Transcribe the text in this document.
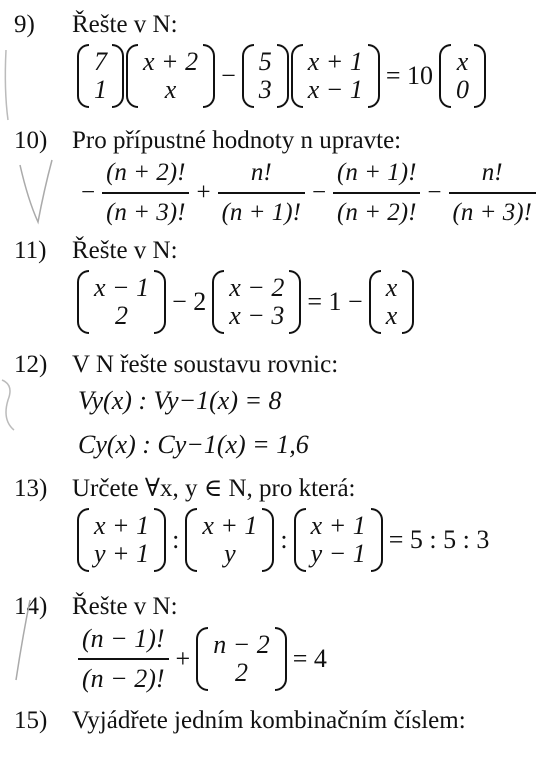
9) Řešte v N:
7
1
x + 2
x − 5
3
x + 1
x − 1 = 10 x
0
10) Pro přípustné hodnoty n upravte:
− $\frac{(n + 2)!}{(n + 3)!} + \frac{n!}{(n + 1)!} - \frac{(n + 1)!}{(n + 2)!} - \frac{n!}{(n + 3)!}$
11) Řešte v N:
x − 1
2 − 2 x − 2
x − 3 = 1 − x
x
12) V N řešte soustavu rovnic:
Vy(x) : Vy−1(x) = 8
Cy(x) : Cy−1(x) = 1,6
13) Určete ∀x, y ∈ N, pro která:
x + 1
y + 1 : x + 1
y : x + 1
y − 1 = 5 : 5 : 3
14) Řešte v N:
$\frac{(n - 1)!}{(n - 2)!} + n - 2$
2 = 4
15) Vyjádřete jedním kombinačním číslem:
